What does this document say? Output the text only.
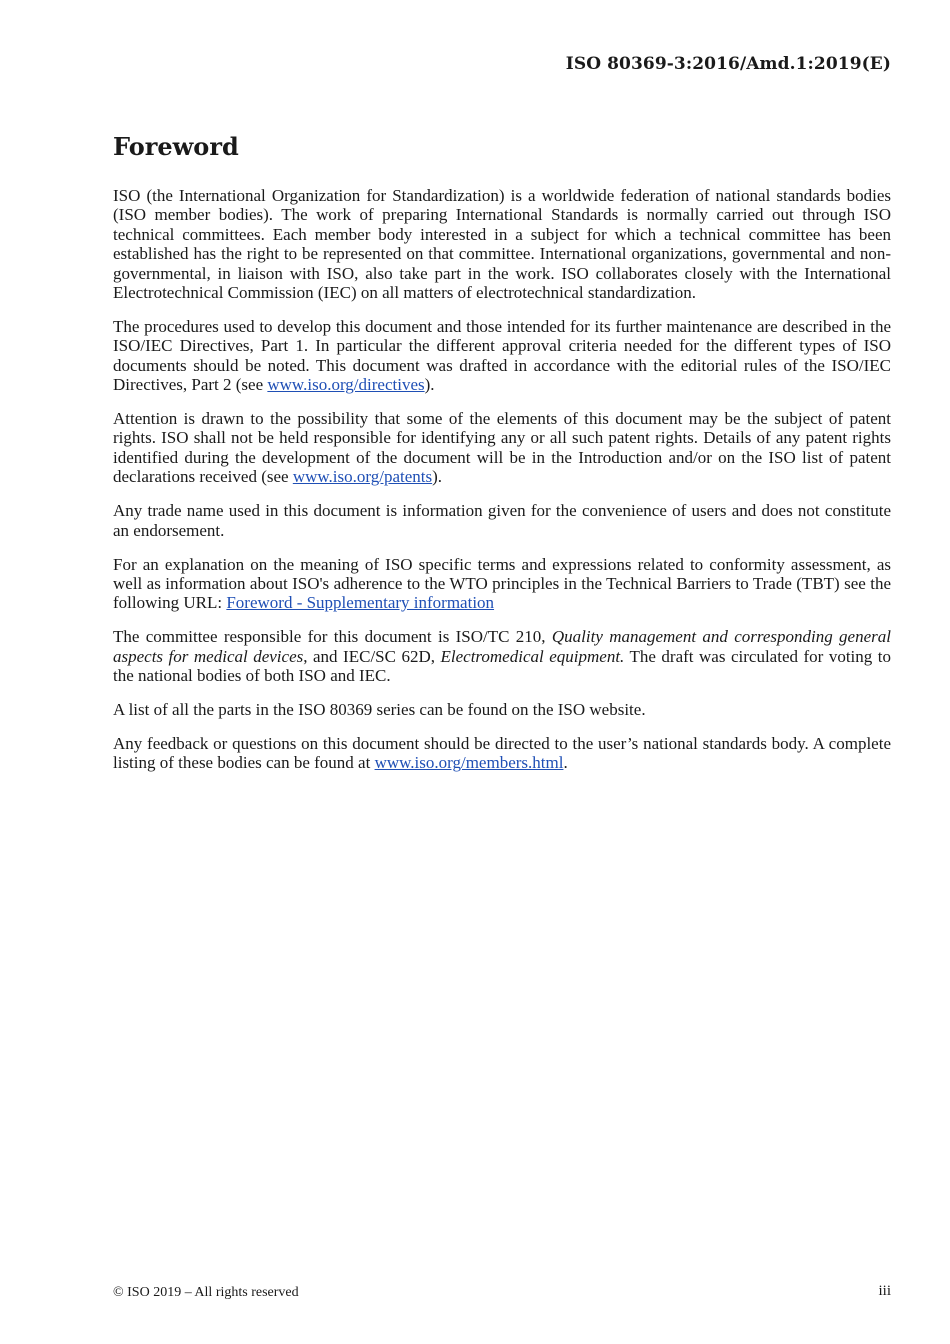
ISO 80369-3:2016/Amd.1:2019(E)
Foreword

ISO (the International Organization for Standardization) is a worldwide federation of national standards bodies (ISO member bodies). The work of preparing International Standards is normally carried out through ISO technical committees. Each member body interested in a subject for which a technical committee has been established has the right to be represented on that committee. International organizations, governmental and non-governmental, in liaison with ISO, also take part in the work. ISO collaborates closely with the International Electrotechnical Commission (IEC) on all matters of electrotechnical standardization.

The procedures used to develop this document and those intended for its further maintenance are described in the ISO/IEC Directives, Part 1. In particular the different approval criteria needed for the different types of ISO documents should be noted. This document was drafted in accordance with the editorial rules of the ISO/IEC Directives, Part 2 (see www.iso.org/directives).

Attention is drawn to the possibility that some of the elements of this document may be the subject of patent rights. ISO shall not be held responsible for identifying any or all such patent rights. Details of any patent rights identified during the development of the document will be in the Introduction and/or on the ISO list of patent declarations received (see www.iso.org/patents).

Any trade name used in this document is information given for the convenience of users and does not constitute an endorsement.

For an explanation on the meaning of ISO specific terms and expressions related to conformity assessment, as well as information about ISO's adherence to the WTO principles in the Technical Barriers to Trade (TBT) see the following URL: Foreword - Supplementary information

The committee responsible for this document is ISO/TC 210, Quality management and corresponding general aspects for medical devices, and IEC/SC 62D, Electromedical equipment. The draft was circulated for voting to the national bodies of both ISO and IEC.

A list of all the parts in the ISO 80369 series can be found on the ISO website.

Any feedback or questions on this document should be directed to the user’s national standards body. A complete listing of these bodies can be found at www.iso.org/members.html.

© ISO 2019 – All rights reserved	iii
